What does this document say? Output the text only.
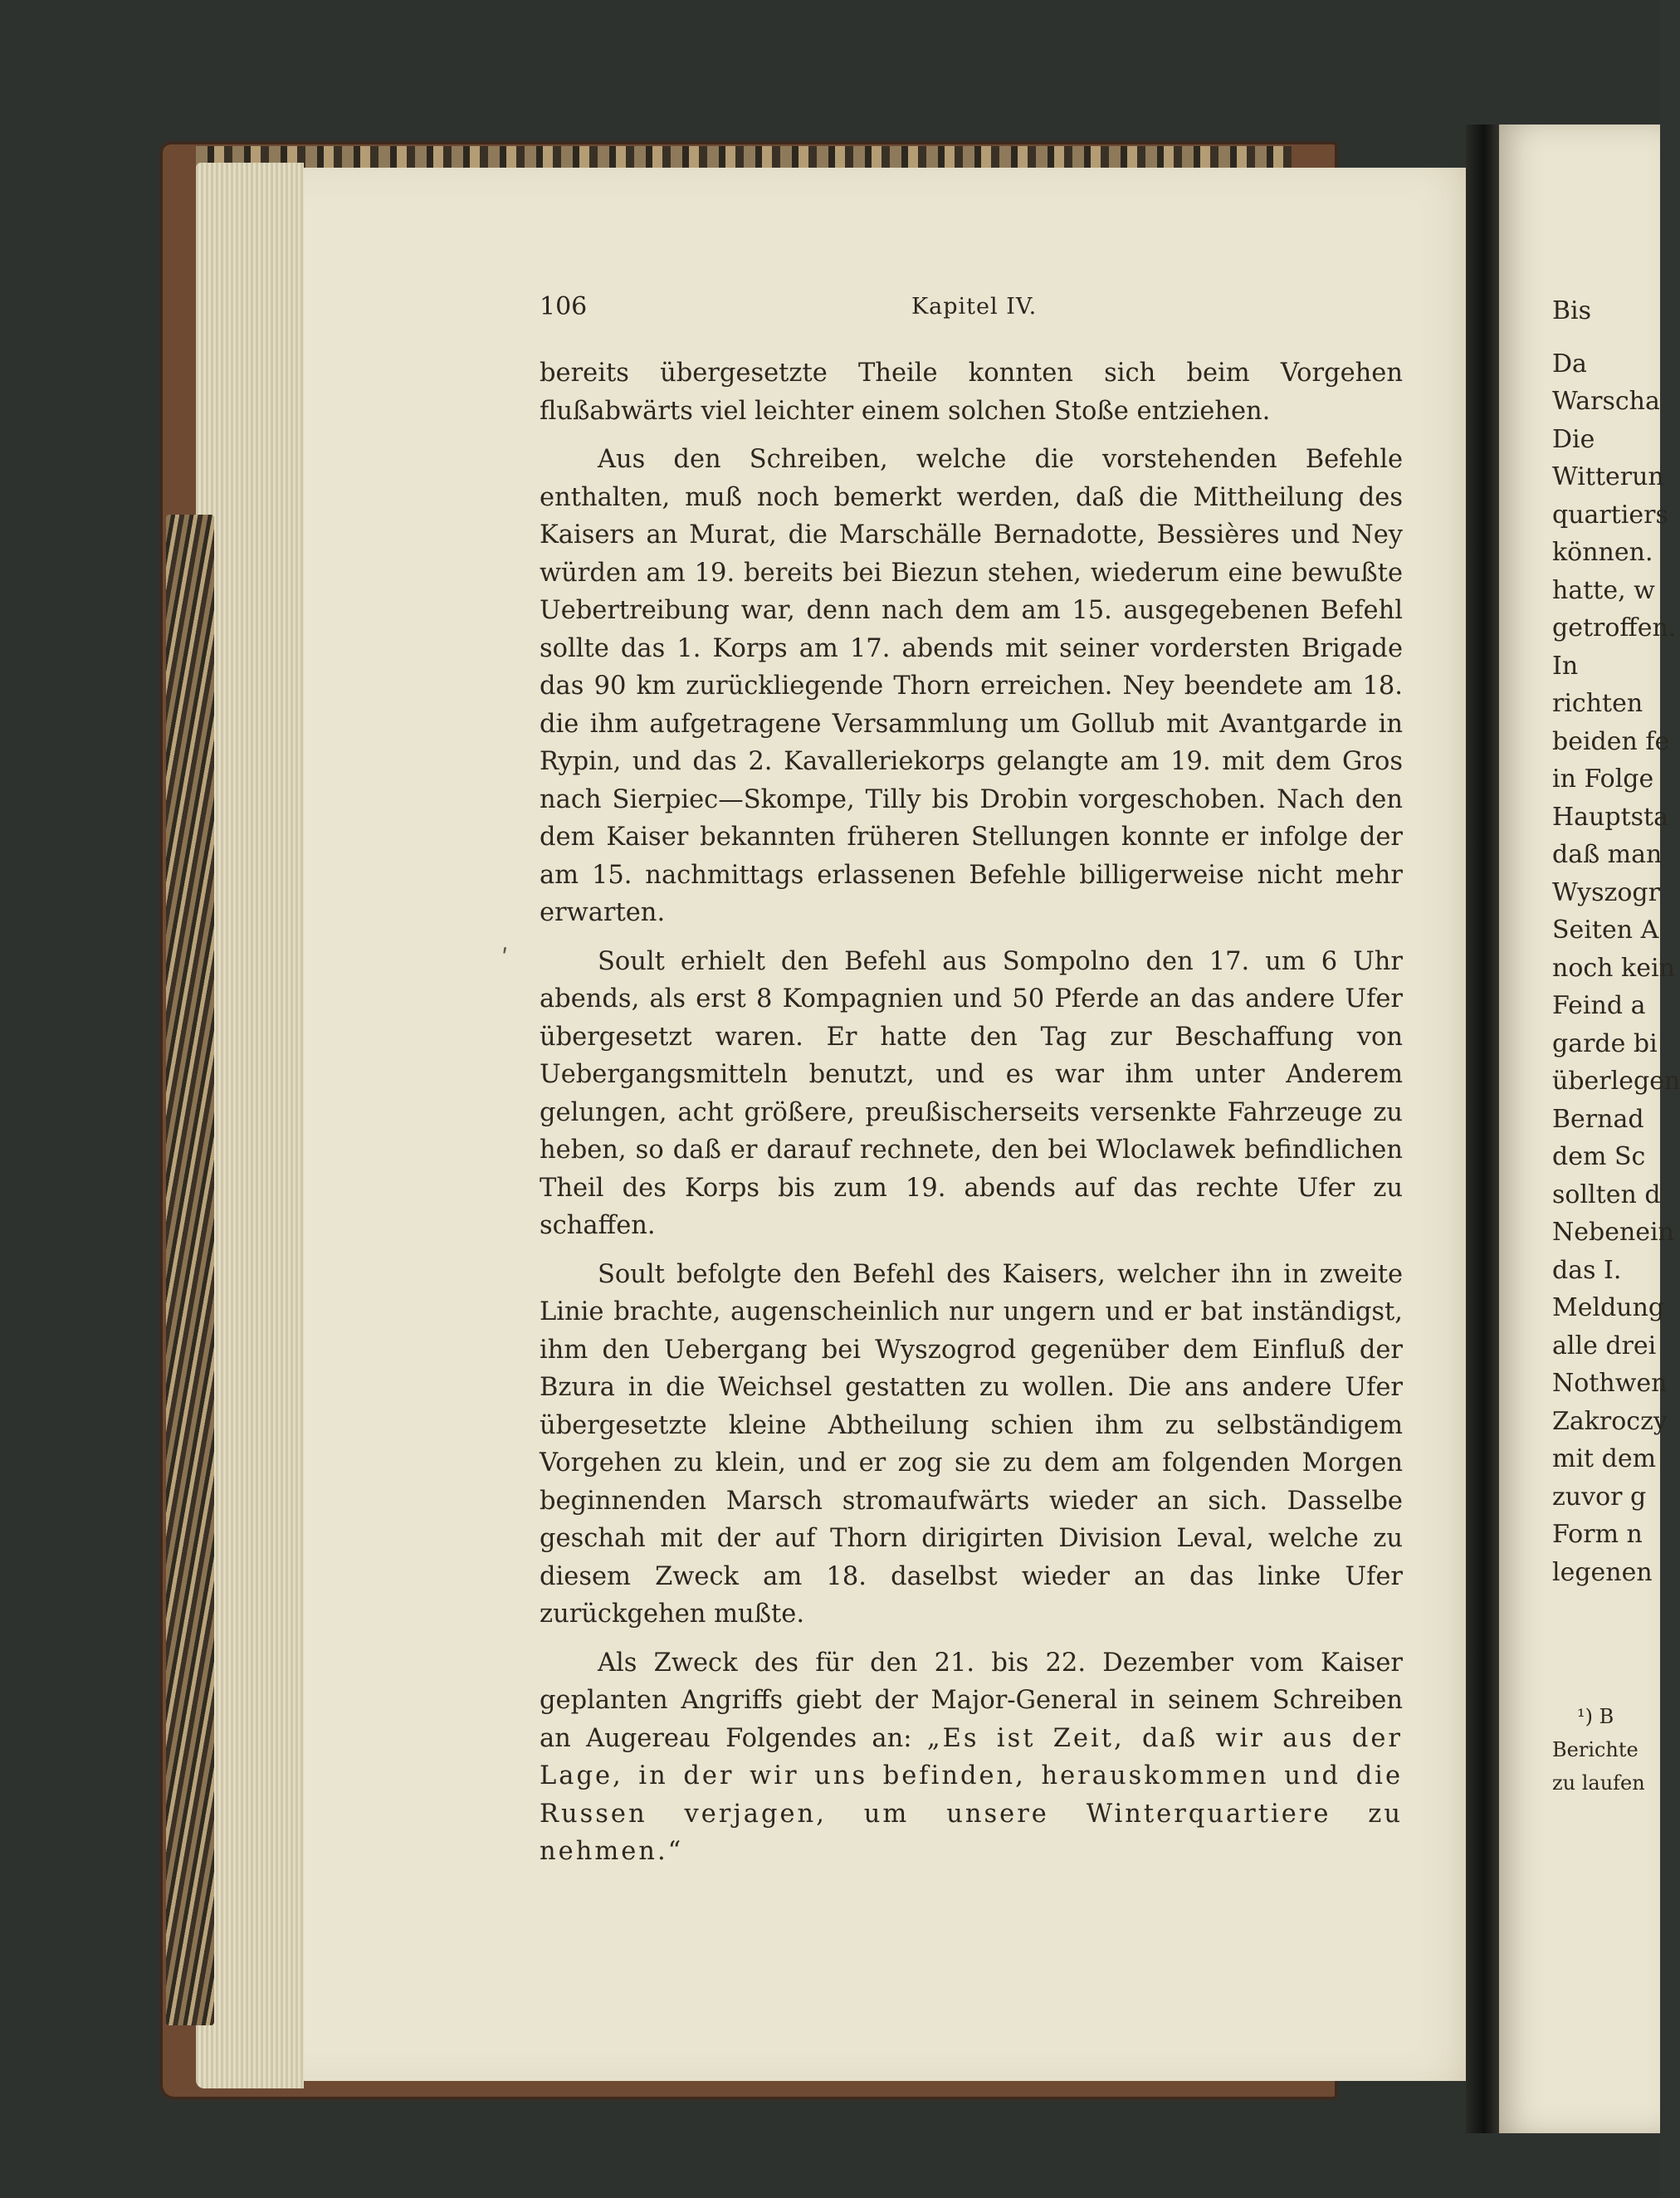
106	Kapitel IV.
ʹ

bereits übergesetzte Theile konnten sich beim Vorgehen flußabwärts viel leichter einem solchen Stoße entziehen.

Aus den Schreiben, welche die vorstehenden Befehle enthalten, muß noch bemerkt werden, daß die Mittheilung des Kaisers an Murat, die Marschälle Bernadotte, Bessières und Ney würden am 19. bereits bei Biezun stehen, wiederum eine bewußte Uebertreibung war, denn nach dem am 15. ausgegebenen Befehl sollte das 1. Korps am 17. abends mit seiner vordersten Brigade das 90 km zurückliegende Thorn erreichen. Ney beendete am 18. die ihm aufgetragene Versammlung um Gollub mit Avantgarde in Rypin, und das 2. Kavalleriekorps gelangte am 19. mit dem Gros nach Sierpiec—Skompe, Tilly bis Drobin vorgeschoben. Nach den dem Kaiser bekannten früheren Stellungen konnte er infolge der am 15. nachmittags erlassenen Befehle billigerweise nicht mehr erwarten.

Soult erhielt den Befehl aus Sompolno den 17. um 6 Uhr abends, als erst 8 Kompagnien und 50 Pferde an das andere Ufer übergesetzt waren. Er hatte den Tag zur Beschaffung von Uebergangsmitteln benutzt, und es war ihm unter Anderem gelungen, acht größere, preußischerseits versenkte Fahrzeuge zu heben, so daß er darauf rechnete, den bei Wloclawek befindlichen Theil des Korps bis zum 19. abends auf das rechte Ufer zu schaffen.

Soult befolgte den Befehl des Kaisers, welcher ihn in zweite Linie brachte, augenscheinlich nur ungern und er bat inständigst, ihm den Uebergang bei Wyszogrod gegenüber dem Einfluß der Bzura in die Weichsel gestatten zu wollen. Die ans andere Ufer übergesetzte kleine Abtheilung schien ihm zu selbständigem Vorgehen zu klein, und er zog sie zu dem am folgenden Morgen beginnenden Marsch stromaufwärts wieder an sich. Dasselbe geschah mit der auf Thorn dirigirten Division Leval, welche zu diesem Zweck am 18. daselbst wieder an das linke Ufer zurückgehen mußte.

Als Zweck des für den 21. bis 22. Dezember vom Kaiser geplanten Angriffs giebt der Major-General in seinem Schreiben an Augereau Folgendes an: „Es ist Zeit, daß wir aus der Lage, in der wir uns befinden, herauskommen und die Russen verjagen, um unsere Winterquartiere zu nehmen.“

Bis
Da
Warscha
Die
Witterun
quartiers
können.
hatte, w
getroffen.
In
richten
beiden fe
in Folge
Hauptsta
daß man
Wyszogr
Seiten A
noch kein
Feind a
garde bi
überlegen
Bernad
dem Sc
sollten d
Nebenein
das I.
Meldung
alle drei
Nothwen
Zakroczy
mit dem
zuvor g
Form n
legenen
¹) B
Berichte
zu laufen
